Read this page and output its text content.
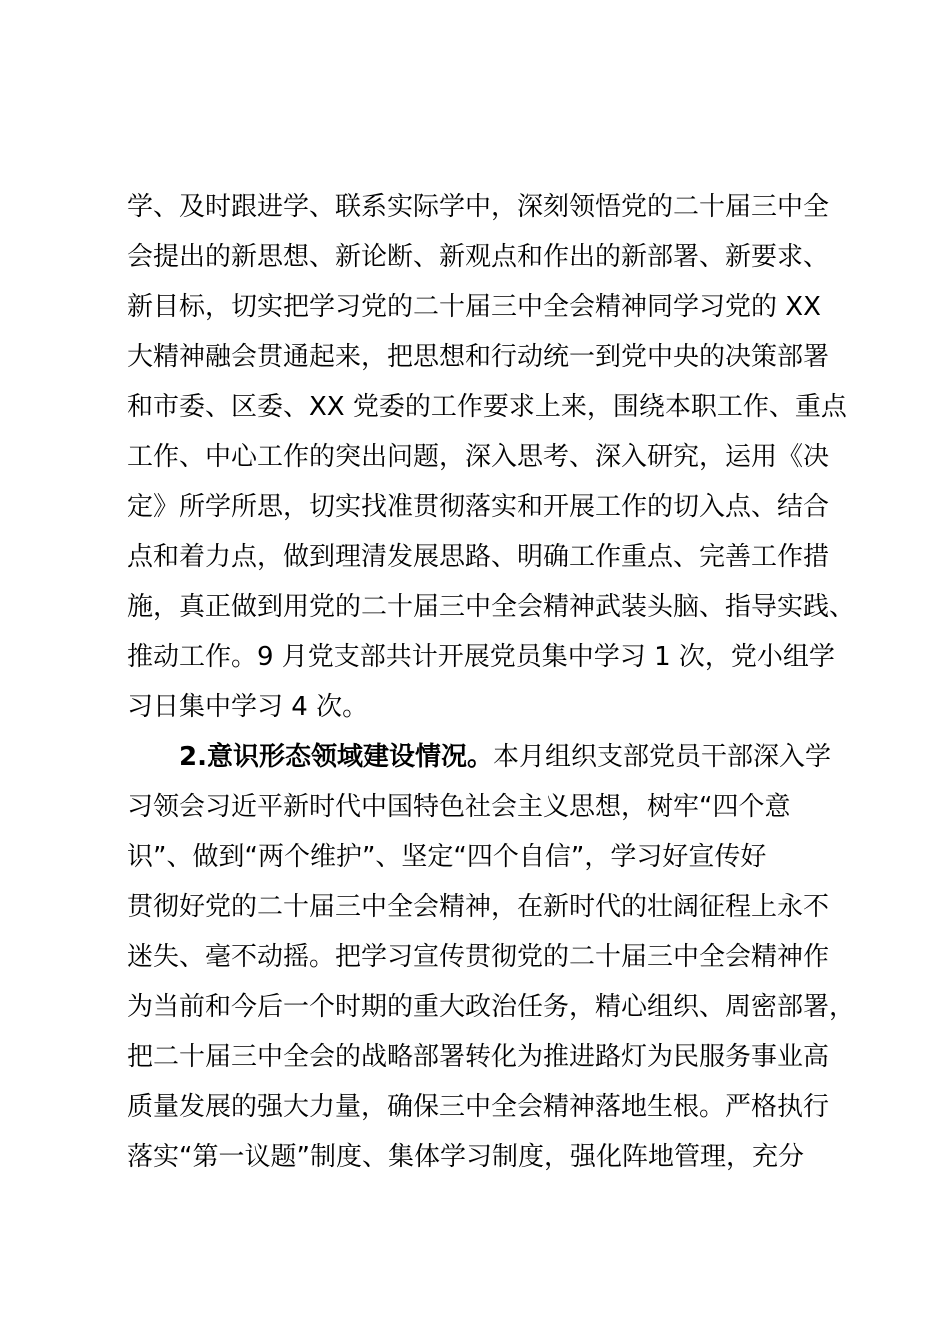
学、及时跟进学、联系实际学中，深刻领悟党的二十届三中全
会提出的新思想、新论断、新观点和作出的新部署、新要求、
新目标，切实把学习党的二十届三中全会精神同学习党的 XX
大精神融会贯通起来，把思想和行动统一到党中央的决策部署
和市委、区委、XX 党委的工作要求上来，围绕本职工作、重点
工作、中心工作的突出问题，深入思考、深入研究，运用《决
定》所学所思，切实找准贯彻落实和开展工作的切入点、结合
点和着力点，做到理清发展思路、明确工作重点、完善工作措
施，真正做到用党的二十届三中全会精神武装头脑、指导实践、
推动工作。9 月党支部共计开展党员集中学习 1 次，党小组学
习日集中学习 4 次。
2.意识形态领域建设情况。本月组织支部党员干部深入学
习领会习近平新时代中国特色社会主义思想，树牢“四个意
识”、做到“两个维护”、坚定“四个自信”，学习好宣传好
贯彻好党的二十届三中全会精神，在新时代的壮阔征程上永不
迷失、毫不动摇。把学习宣传贯彻党的二十届三中全会精神作
为当前和今后一个时期的重大政治任务，精心组织、周密部署，
把二十届三中全会的战略部署转化为推进路灯为民服务事业高
质量发展的强大力量，确保三中全会精神落地生根。严格执行
落实“第一议题”制度、集体学习制度，强化阵地管理，充分
